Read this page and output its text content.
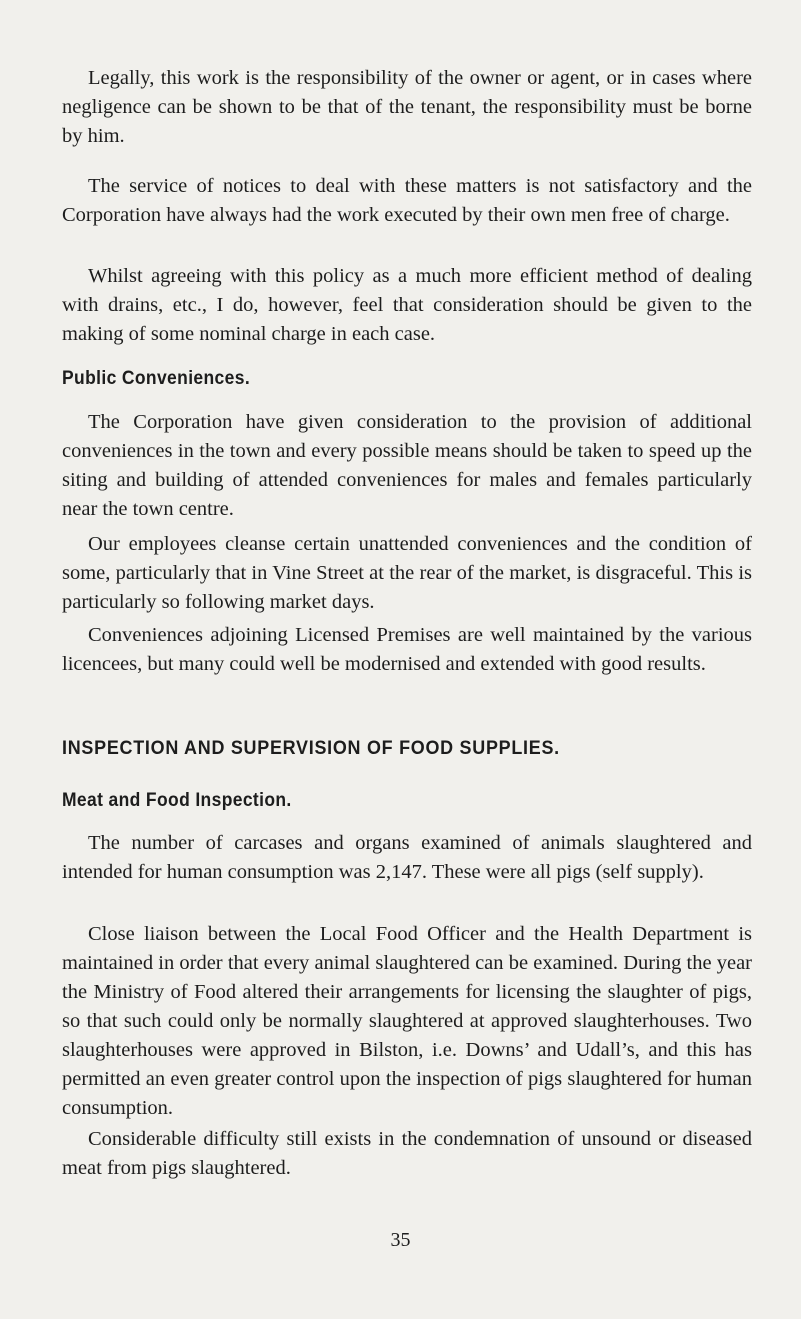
Legally, this work is the responsibility of the owner or agent, or in cases where negligence can be shown to be that of the tenant, the responsibility must be borne by him.

The service of notices to deal with these matters is not satisfactory and the Corporation have always had the work executed by their own men free of charge.

Whilst agreeing with this policy as a much more efficient method of dealing with drains, etc., I do, however, feel that consideration should be given to the making of some nominal charge in each case.

Public Conveniences.

The Corporation have given consideration to the provision of additional conveniences in the town and every possible means should be taken to speed up the siting and building of attended conveniences for males and females particularly near the town centre.

Our employees cleanse certain unattended conveniences and the condition of some, particularly that in Vine Street at the rear of the market, is disgraceful. This is particularly so following market days.

Conveniences adjoining Licensed Premises are well maintained by the various licencees, but many could well be modernised and extended with good results.

INSPECTION AND SUPERVISION OF FOOD SUPPLIES.
Meat and Food Inspection.

The number of carcases and organs examined of animals slaughtered and intended for human consumption was 2,147. These were all pigs (self supply).

Close liaison between the Local Food Officer and the Health Department is maintained in order that every animal slaughtered can be examined. During the year the Ministry of Food altered their arrangements for licensing the slaughter of pigs, so that such could only be normally slaughtered at approved slaughterhouses. Two slaughterhouses were approved in Bilston, i.e. Downs’ and Udall’s, and this has permitted an even greater control upon the inspection of pigs slaughtered for human consumption.

Considerable difficulty still exists in the condemnation of unsound or diseased meat from pigs slaughtered.

35
